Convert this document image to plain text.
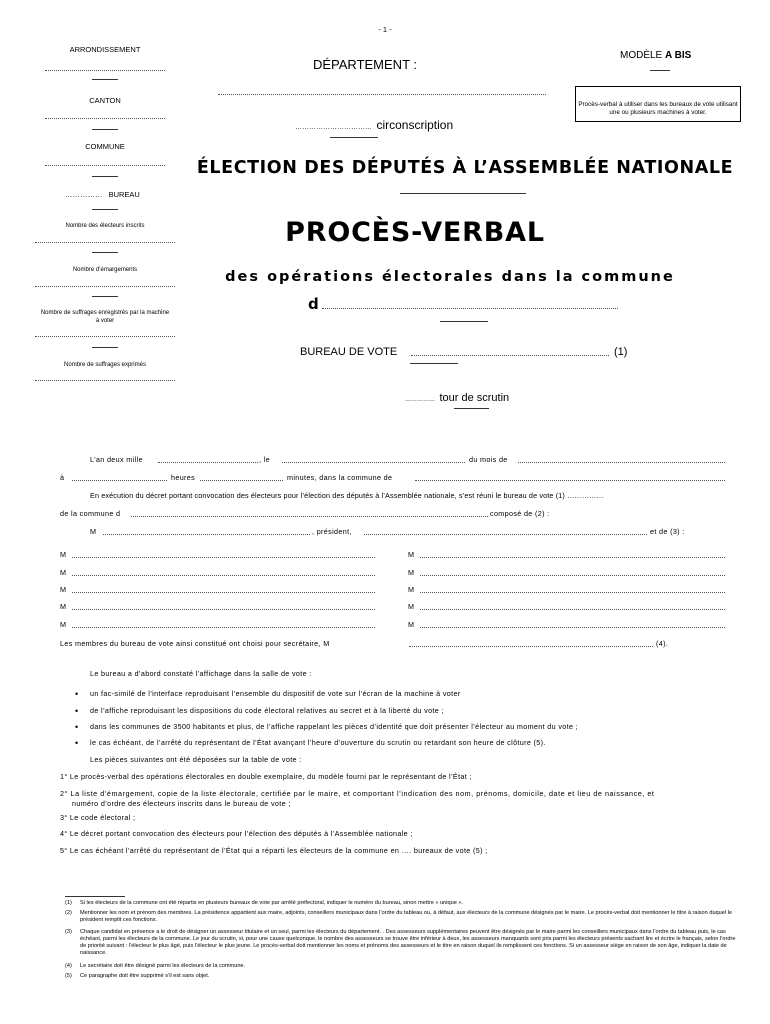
- 1 -
ARRONDISSEMENT
CANTON
COMMUNE
…………… BUREAU
Nombre des électeurs inscrits
Nombre d’émargements
Nombre de suffrages enregistrés par la machine à voter
Nombre de suffrages exprimés
DÉPARTEMENT :
…………………………… circonscription
MODÈLE A BIS
Procès-verbal à utiliser dans les bureaux de vote utilisant une ou plusieurs machines à voter.
ÉLECTION DES DÉPUTÉS À L’ASSEMBLÉE NATIONALE
PROCÈS-VERBAL
des opérations électorales dans la commune
d
BUREAU DE VOTE	(1)
…………… tour de scrutin
L’an deux mille	, le	du mois de
à	heures	minutes, dans la commune de
En exécution du décret portant convocation des électeurs pour l’élection des députés à l’Assemblée nationale, s’est réuni le bureau de vote (1) ……………
de la commune d	composé de (2) :
M	, président,	et de (3) :
M	M
M	M
M	M
M	M
M	M
Les membres du bureau de vote ainsi constitué ont choisi pour secrétaire, M	(4).
Le bureau a d’abord constaté l’affichage dans la salle de vote :
• un fac-similé de l’interface reproduisant l’ensemble du dispositif de vote sur l’écran de la machine à voter
• de l’affiche reproduisant les dispositions du code électoral relatives au secret et à la liberté du vote ;
• dans les communes de 3500 habitants et plus, de l’affiche rappelant les pièces d’identité que doit présenter l’électeur au moment du vote ;
• le cas échéant, de l’arrêté du représentant de l’État avançant l’heure d’ouverture du scrutin ou retardant son heure de clôture (5).
Les pièces suivantes ont été déposées sur la table de vote :
1° Le procès-verbal des opérations électorales en double exemplaire, du modèle fourni par le représentant de l’État ;
2° La liste d’émargement, copie de la liste électorale, certifiée par le maire, et comportant l’indication des nom, prénoms, domicile, date et lieu de naissance, et
numéro d’ordre des électeurs inscrits dans le bureau de vote ;
3° Le code électoral ;
4° Le décret portant convocation des électeurs pour l’élection des députés à l’Assemblée nationale ;
5° Le cas échéant l’arrêté du représentant de l’État qui a réparti les électeurs de la commune en …. bureaux de vote (5) ;
(1) Si les électeurs de la commune ont été répartis en plusieurs bureaux de vote par arrêté préfectoral, indiquer le numéro du bureau, sinon mettre « unique ».
(2) Mentionner les nom et prénom des membres. La présidence appartient aux maire, adjoints, conseillers municipaux dans l’ordre du tableau ou, à défaut, aux électeurs de la commune désignés par le maire. Le procès-verbal doit mentionner le titre à raison duquel le président remplit ces fonctions.
(3) Chaque candidat en présence a le droit de désigner un assesseur titulaire et un seul, parmi les électeurs du département. . Des assesseurs supplémentaires peuvent être désignés par le maire parmi les conseillers municipaux dans l’ordre du tableau puis, le cas échéant, parmi les électeurs de la commune. Le jour du scrutin, si, pour une cause quelconque, le nombre des assesseurs se trouve être inférieur à deux, les assesseurs manquants sont pris parmi les électeurs présents sachant lire et écrire le français, selon l’ordre de priorité suivant : l’électeur le plus âgé, puis l’électeur le plus jeune. Le procès-verbal doit mentionner les noms et prénoms des assesseurs et le titre en raison duquel ils remplissent ces fonctions. Si un assesseur siège en raison de son âge, indiquer la date de naissance.
(4) Le secrétaire doit être désigné parmi les électeurs de la commune.
(5) Ce paragraphe doit être supprimé s’il est sans objet.
